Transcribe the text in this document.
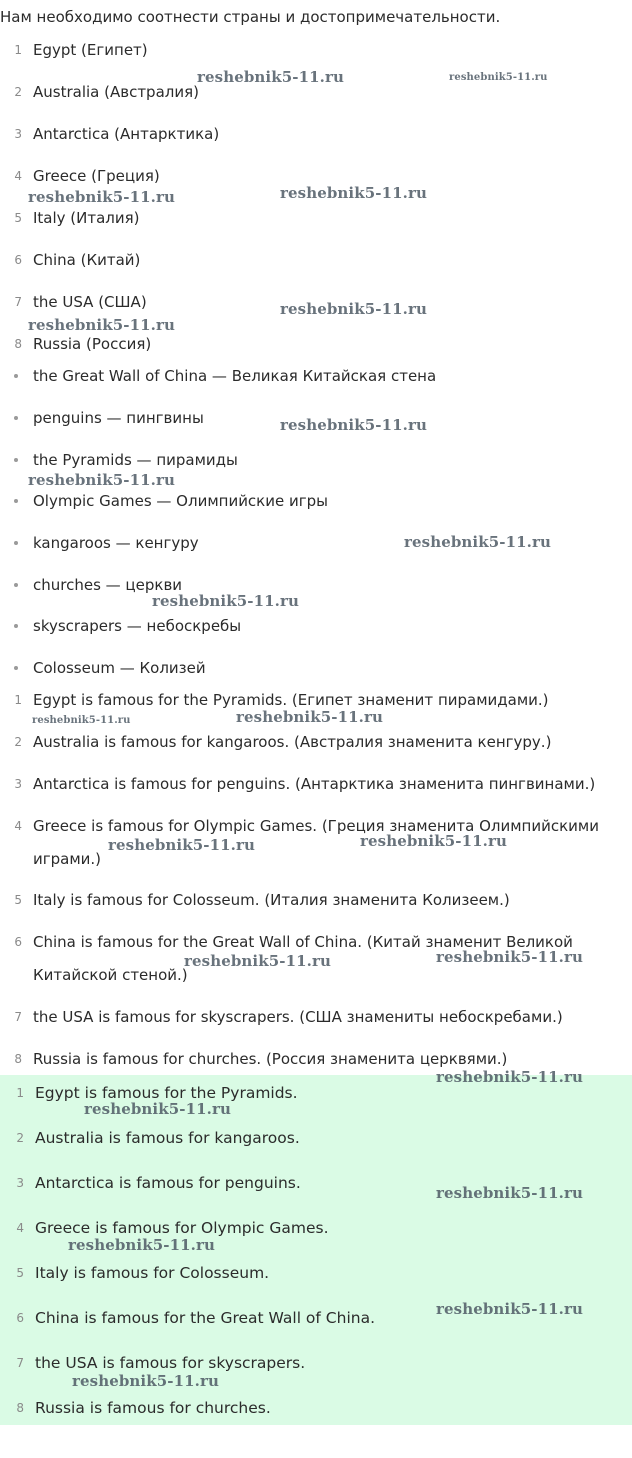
Нам необходимо соотнести страны и достопримечательности.

1 Egypt (Египет)
2 Australia (Австралия)
3 Antarctica (Антарктика)
4 Greece (Греция)
5 Italy (Италия)
6 China (Китай)
7 the USA (США)
8 Russia (Россия)
the Great Wall of China — Великая Китайская стена
penguins — пингвины
the Pyramids — пирамиды
Olympic Games — Олимпийские игры
kangaroos — кенгуру
churches — церкви
skyscrapers — небоскребы
Colosseum — Колизей
1 Egypt is famous for the Pyramids. (Египет знаменит пирамидами.)
2 Australia is famous for kangaroos. (Австралия знаменита кенгуру.)
3 Antarctica is famous for penguins. (Антарктика знаменита пингвинами.)
4 Greece is famous for Olympic Games. (Греция знаменита Олимпийскими играми.)
5 Italy is famous for Colosseum. (Италия знаменита Колизеем.)
6 China is famous for the Great Wall of China. (Китай знаменит Великой Китайской стеной.)
7 the USA is famous for skyscrapers. (США знамениты небоскребами.)
8 Russia is famous for churches. (Россия знаменита церквями.)
1 Egypt is famous for the Pyramids.
2 Australia is famous for kangaroos.
3 Antarctica is famous for penguins.
4 Greece is famous for Olympic Games.
5 Italy is famous for Colosseum.
6 China is famous for the Great Wall of China.
7 the USA is famous for skyscrapers.
8 Russia is famous for churches.
reshebnik5-11.ru	reshebnik5-11.ru
reshebnik5-11.ru	reshebnik5-11.ru
reshebnik5-11.ru
reshebnik5-11.ru
reshebnik5-11.ru
reshebnik5-11.ru
reshebnik5-11.ru
reshebnik5-11.ru
reshebnik5-11.ru	reshebnik5-11.ru
reshebnik5-11.ru	reshebnik5-11.ru
reshebnik5-11.ru	reshebnik5-11.ru
reshebnik5-11.ru
reshebnik5-11.ru
reshebnik5-11.ru
reshebnik5-11.ru
reshebnik5-11.ru
reshebnik5-11.ru
